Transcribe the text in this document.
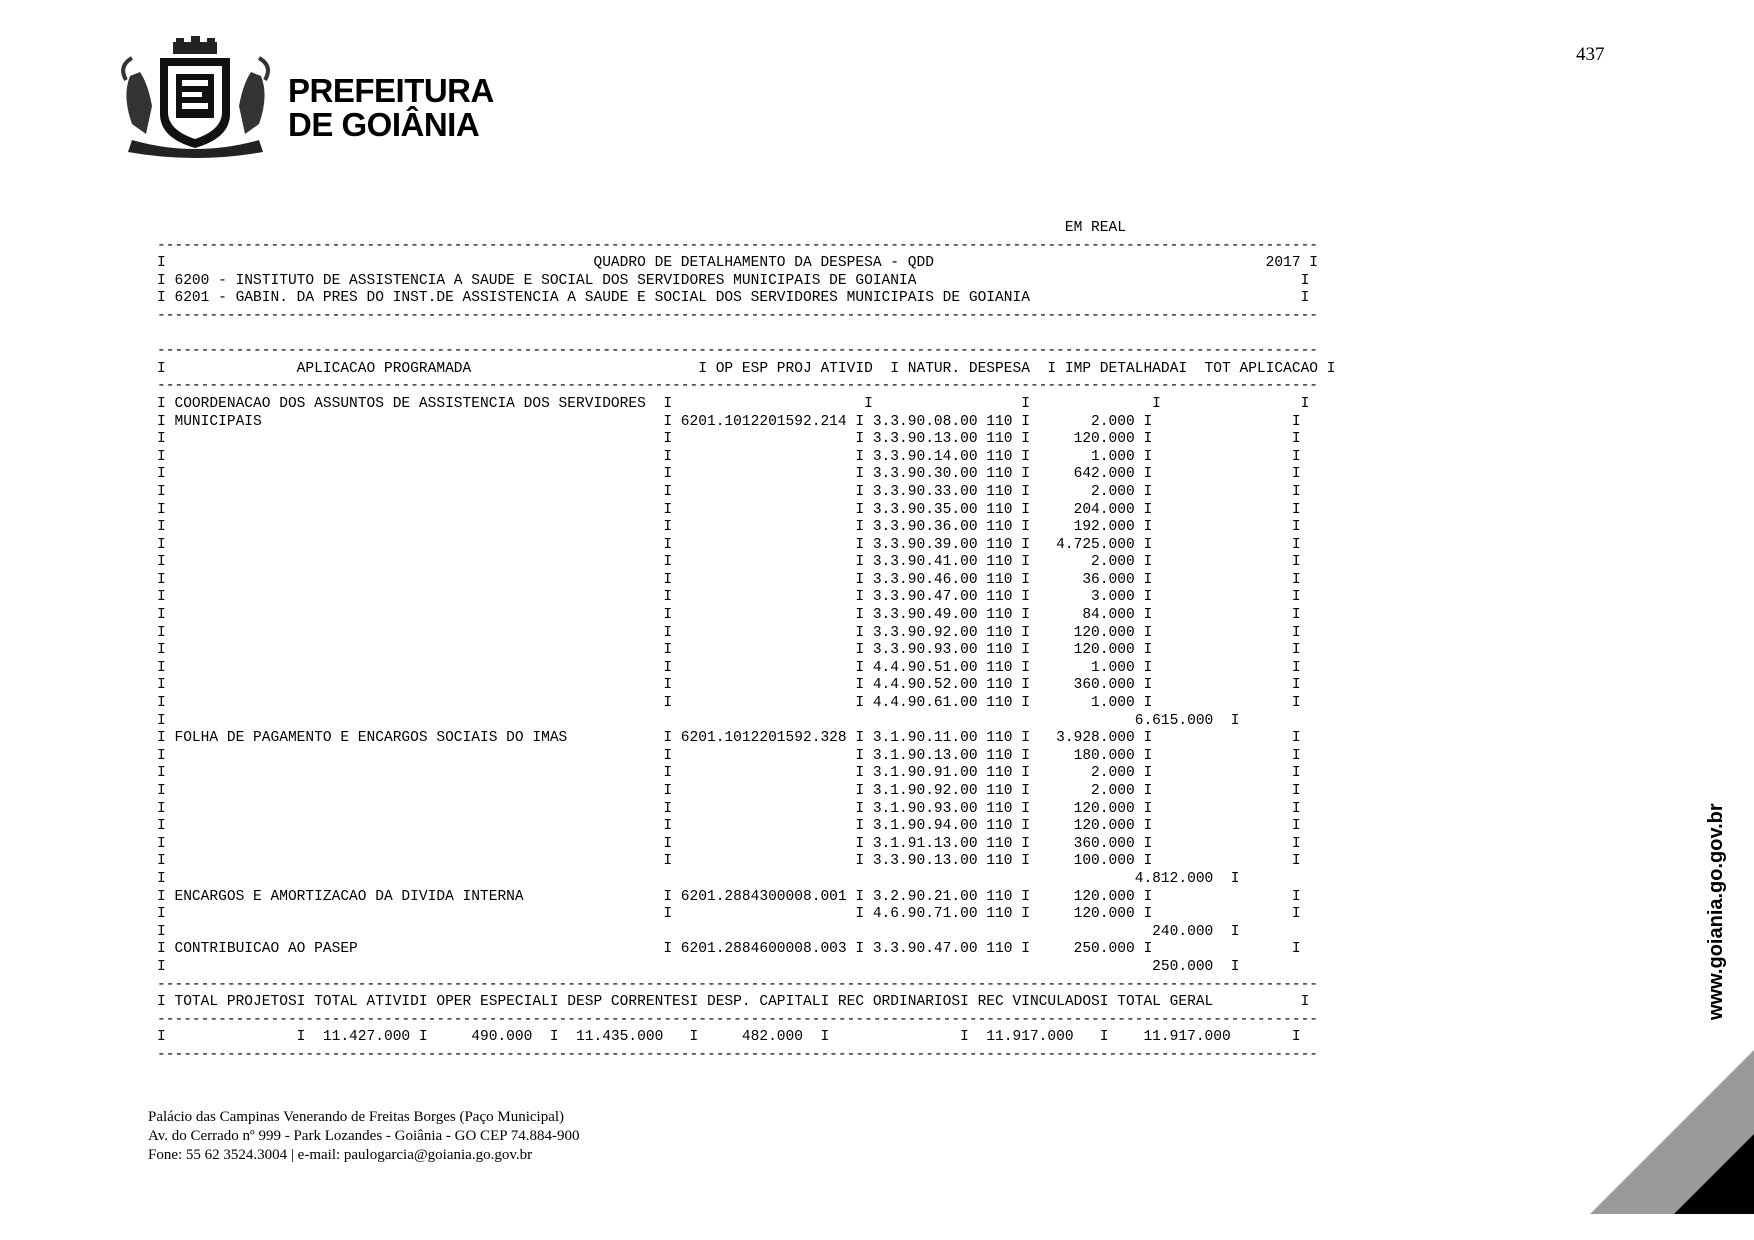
PREFEITURA
DE GOIÂNIA
437
EM REAL
-------------------------------------------------------------------------------------------------------------------------------------
I                                                 QUADRO DE DETALHAMENTO DA DESPESA - QDD                                      2017 I
I 6200 - INSTITUTO DE ASSISTENCIA A SAUDE E SOCIAL DOS SERVIDORES MUNICIPAIS DE GOIANIA                                            I
I 6201 - GABIN. DA PRES DO INST.DE ASSISTENCIA A SAUDE E SOCIAL DOS SERVIDORES MUNICIPAIS DE GOIANIA                               I
-------------------------------------------------------------------------------------------------------------------------------------

-------------------------------------------------------------------------------------------------------------------------------------
I               APLICACAO PROGRAMADA                          I OP ESP PROJ ATIVID  I NATUR. DESPESA  I IMP DETALHADAI  TOT APLICACAO I
-------------------------------------------------------------------------------------------------------------------------------------
I COORDENACAO DOS ASSUNTOS DE ASSISTENCIA DOS SERVIDORES  I                      I                 I              I                I
I MUNICIPAIS                                              I 6201.1012201592.214 I 3.3.90.08.00 110 I       2.000 I                I
I                                                         I                     I 3.3.90.13.00 110 I     120.000 I                I
I                                                         I                     I 3.3.90.14.00 110 I       1.000 I                I
I                                                         I                     I 3.3.90.30.00 110 I     642.000 I                I
I                                                         I                     I 3.3.90.33.00 110 I       2.000 I                I
I                                                         I                     I 3.3.90.35.00 110 I     204.000 I                I
I                                                         I                     I 3.3.90.36.00 110 I     192.000 I                I
I                                                         I                     I 3.3.90.39.00 110 I   4.725.000 I                I
I                                                         I                     I 3.3.90.41.00 110 I       2.000 I                I
I                                                         I                     I 3.3.90.46.00 110 I      36.000 I                I
I                                                         I                     I 3.3.90.47.00 110 I       3.000 I                I
I                                                         I                     I 3.3.90.49.00 110 I      84.000 I                I
I                                                         I                     I 3.3.90.92.00 110 I     120.000 I                I
I                                                         I                     I 3.3.90.93.00 110 I     120.000 I                I
I                                                         I                     I 4.4.90.51.00 110 I       1.000 I                I
I                                                         I                     I 4.4.90.52.00 110 I     360.000 I                I
I                                                         I                     I 4.4.90.61.00 110 I       1.000 I                I
I                                                                                                               6.615.000  I
I FOLHA DE PAGAMENTO E ENCARGOS SOCIAIS DO IMAS           I 6201.1012201592.328 I 3.1.90.11.00 110 I   3.928.000 I                I
I                                                         I                     I 3.1.90.13.00 110 I     180.000 I                I
I                                                         I                     I 3.1.90.91.00 110 I       2.000 I                I
I                                                         I                     I 3.1.90.92.00 110 I       2.000 I                I
I                                                         I                     I 3.1.90.93.00 110 I     120.000 I                I
I                                                         I                     I 3.1.90.94.00 110 I     120.000 I                I
I                                                         I                     I 3.1.91.13.00 110 I     360.000 I                I
I                                                         I                     I 3.3.90.13.00 110 I     100.000 I                I
I                                                                                                               4.812.000  I
I ENCARGOS E AMORTIZACAO DA DIVIDA INTERNA                I 6201.2884300008.001 I 3.2.90.21.00 110 I     120.000 I                I
I                                                         I                     I 4.6.90.71.00 110 I     120.000 I                I
I                                                                                                                 240.000  I
I CONTRIBUICAO AO PASEP                                   I 6201.2884600008.003 I 3.3.90.47.00 110 I     250.000 I                I
I                                                                                                                 250.000  I
-------------------------------------------------------------------------------------------------------------------------------------
I TOTAL PROJETOSI TOTAL ATIVIDI OPER ESPECIALI DESP CORRENTESI DESP. CAPITALI REC ORDINARIOSI REC VINCULADOSI TOTAL GERAL          I
-------------------------------------------------------------------------------------------------------------------------------------
I               I  11.427.000 I     490.000  I  11.435.000   I     482.000  I               I  11.917.000   I    11.917.000       I
-------------------------------------------------------------------------------------------------------------------------------------
Palácio das Campinas Venerando de Freitas Borges (Paço Municipal)
Av. do Cerrado nº 999 - Park Lozandes - Goiânia - GO CEP 74.884-900
Fone: 55 62 3524.3004 | e-mail: paulogarcia@goiania.go.gov.br
www.goiania.go.gov.br
